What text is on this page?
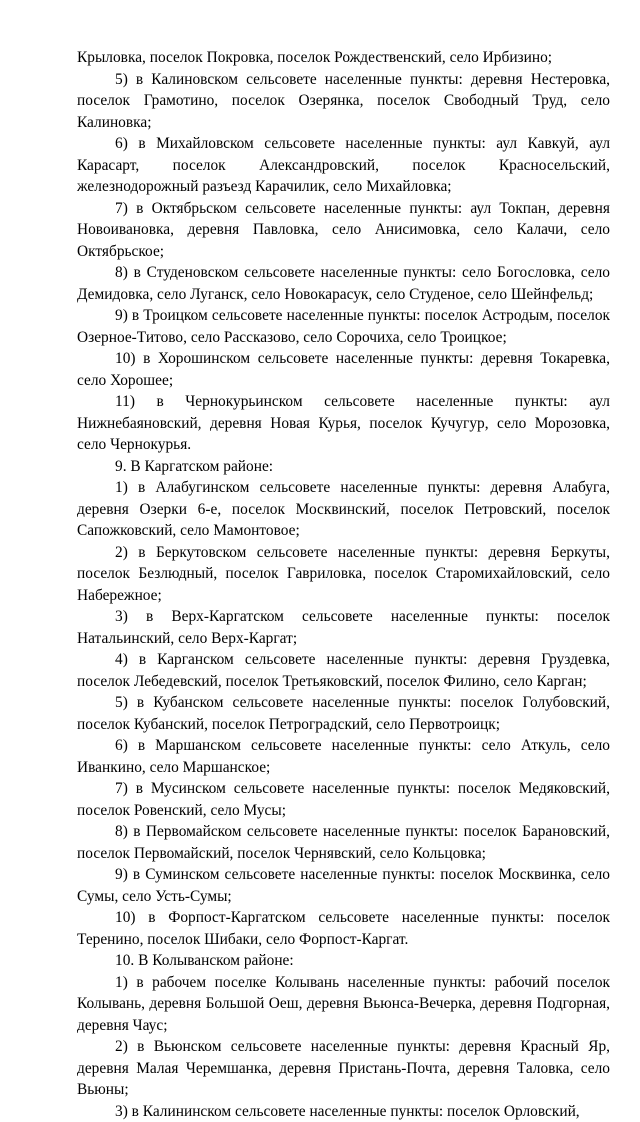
Крыловка, поселок Покровка, поселок Рождественский, село Ирбизино;

5) в Калиновском сельсовете населенные пункты: деревня Нестеровка, поселок Грамотино, поселок Озерянка, поселок Свободный Труд, село Калиновка;

6) в Михайловском сельсовете населенные пункты: аул Кавкуй, аул Карасарт, поселок Александровский, поселок Красносельский, железнодорожный разъезд Карачилик, село Михайловка;

7) в Октябрьском сельсовете населенные пункты: аул Токпан, деревня Новоивановка, деревня Павловка, село Анисимовка, село Калачи, село Октябрьское;

8) в Студеновском сельсовете населенные пункты: село Богословка, село Демидовка, село Луганск, село Новокарасук, село Студеное, село Шейнфельд;

9) в Троицком сельсовете населенные пункты: поселок Астродым, поселок Озерное-Титово, село Рассказово, село Сорочиха, село Троицкое;

10) в Хорошинском сельсовете населенные пункты: деревня Токаревка, село Хорошее;

11) в Чернокурьинском сельсовете населенные пункты: аул Нижнебаяновский, деревня Новая Курья, поселок Кучугур, село Морозовка, село Чернокурья.

9. В Каргатском районе:

1) в Алабугинском сельсовете населенные пункты: деревня Алабуга, деревня Озерки 6-е, поселок Москвинский, поселок Петровский, поселок Сапожковский, село Мамонтовое;

2) в Беркутовском сельсовете населенные пункты: деревня Беркуты, поселок Безлюдный, поселок Гавриловка, поселок Старомихайловский, село Набережное;

3) в Верх-Каргатском сельсовете населенные пункты: поселок Натальинский, село Верх-Каргат;

4) в Карганском сельсовете населенные пункты: деревня Груздевка, поселок Лебедевский, поселок Третьяковский, поселок Филино, село Карган;

5) в Кубанском сельсовете населенные пункты: поселок Голубовский, поселок Кубанский, поселок Петроградский, село Первотроицк;

6) в Маршанском сельсовете населенные пункты: село Аткуль, село Иванкино, село Маршанское;

7) в Мусинском сельсовете населенные пункты: поселок Медяковский, поселок Ровенский, село Мусы;

8) в Первомайском сельсовете населенные пункты: поселок Барановский, поселок Первомайский, поселок Чернявский, село Кольцовка;

9) в Суминском сельсовете населенные пункты: поселок Москвинка, село Сумы, село Усть-Сумы;

10) в Форпост-Каргатском сельсовете населенные пункты: поселок Теренино, поселок Шибаки, село Форпост-Каргат.

10. В Колыванском районе:

1) в рабочем поселке Колывань населенные пункты: рабочий поселок Колывань, деревня Большой Оеш, деревня Вьюнса-Вечерка, деревня Подгорная, деревня Чаус;

2) в Вьюнском сельсовете населенные пункты: деревня Красный Яр, деревня Малая Черемшанка, деревня Пристань-Почта, деревня Таловка, село Вьюны;

3) в Калининском сельсовете населенные пункты: поселок Орловский,
